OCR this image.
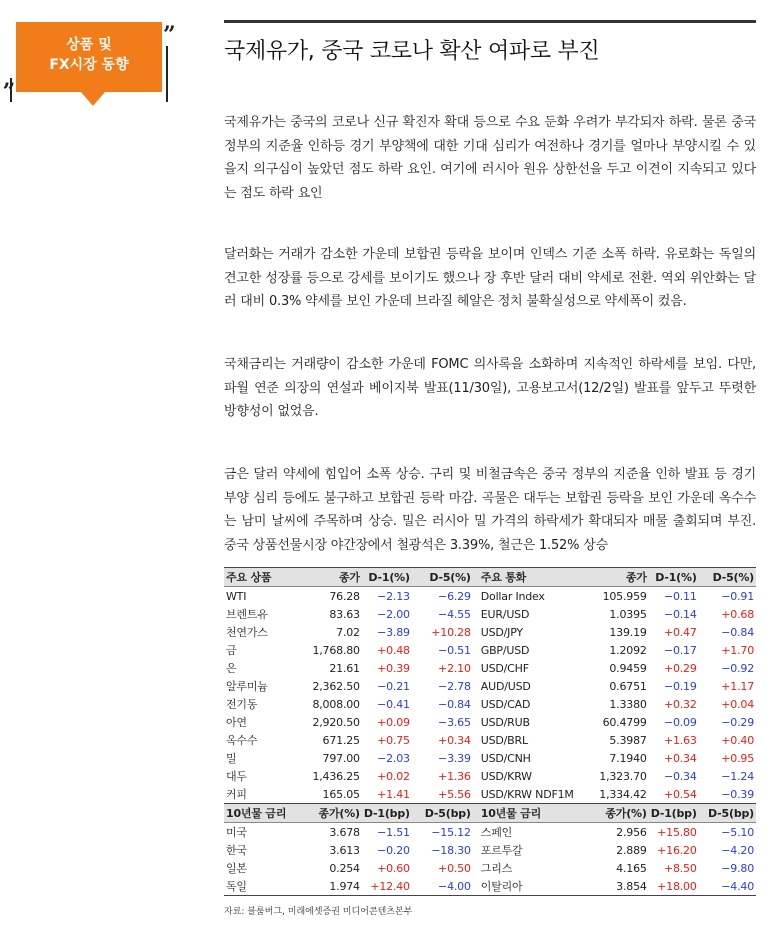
상품 및
FX시장 동향
„
”
국제유가, 중국 코로나 확산 여파로 부진
국제유가는 중국의 코로나 신규 확진자 확대 등으로 수요 둔화 우려가 부각되자 하락. 물론 중국 정부의 지준율 인하등 경기 부양책에 대한 기대 심리가 여전하나 경기를 얼마나 부양시킬 수 있을지 의구심이 높았던 점도 하락 요인. 여기에 러시아 원유 상한선을 두고 이견이 지속되고 있다는 점도 하락 요인
달러화는 거래가 감소한 가운데 보합권 등락을 보이며 인덱스 기준 소폭 하락. 유로화는 독일의 견고한 성장률 등으로 강세를 보이기도 했으나 장 후반 달러 대비 약세로 전환. 역외 위안화는 달러 대비 0.3% 약세를 보인 가운데 브라질 헤알은 정치 불확실성으로 약세폭이 컸음.
국채금리는 거래량이 감소한 가운데 FOMC 의사록을 소화하며 지속적인 하락세를 보임. 다만, 파월 연준 의장의 연설과 베이지북 발표(11/30일), 고용보고서(12/2일) 발표를 앞두고 뚜렷한 방향성이 없었음.
금은 달러 약세에 힘입어 소폭 상승. 구리 및 비철금속은 중국 정부의 지준율 인하 발표 등 경기부양 심리 등에도 불구하고 보합권 등락 마감. 곡물은 대두는 보합권 등락을 보인 가운데 옥수수는 남미 날씨에 주목하며 상승. 밀은 러시아 밀 가격의 하락세가 확대되자 매물 출회되며 부진. 중국 상품선물시장 야간장에서 철광석은 3.39%, 철근은 1.52% 상승
주요 상품	종가	D-1(%)	D-5(%)	주요 통화	종가	D-1(%)	D-5(%)
WTI	76.28	−2.13	−6.29	Dollar Index	105.959	−0.11	−0.91
브렌트유	83.63	−2.00	−4.55	EUR/USD	1.0395	−0.14	+0.68
천연가스	7.02	−3.89	+10.28	USD/JPY	139.19	+0.47	−0.84
금	1,768.80	+0.48	−0.51	GBP/USD	1.2092	−0.17	+1.70
은	21.61	+0.39	+2.10	USD/CHF	0.9459	+0.29	−0.92
알루미늄	2,362.50	−0.21	−2.78	AUD/USD	0.6751	−0.19	+1.17
전기동	8,008.00	−0.41	−0.84	USD/CAD	1.3380	+0.32	+0.04
아연	2,920.50	+0.09	−3.65	USD/RUB	60.4799	−0.09	−0.29
옥수수	671.25	+0.75	+0.34	USD/BRL	5.3987	+1.63	+0.40
밀	797.00	−2.03	−3.39	USD/CNH	7.1940	+0.34	+0.95
대두	1,436.25	+0.02	+1.36	USD/KRW	1,323.70	−0.34	−1.24
커피	165.05	+1.41	+5.56	USD/KRW NDF1M	1,334.42	+0.54	−0.39
10년물 금리	종가(%)	D-1(bp)	D-5(bp)	10년물 금리	종가(%)	D-1(bp)	D-5(bp)
미국	3.678	−1.51	−15.12	스페인	2.956	+15.80	−5.10
한국	3.613	−0.20	−18.30	포르투갈	2.889	+16.20	−4.20
일본	0.254	+0.60	+0.50	그리스	4.165	+8.50	−9.80
독일	1.974	+12.40	−4.00	이탈리아	3.854	+18.00	−4.40
자료: 블룸버그, 미래에셋증권 미디어콘텐츠본부
